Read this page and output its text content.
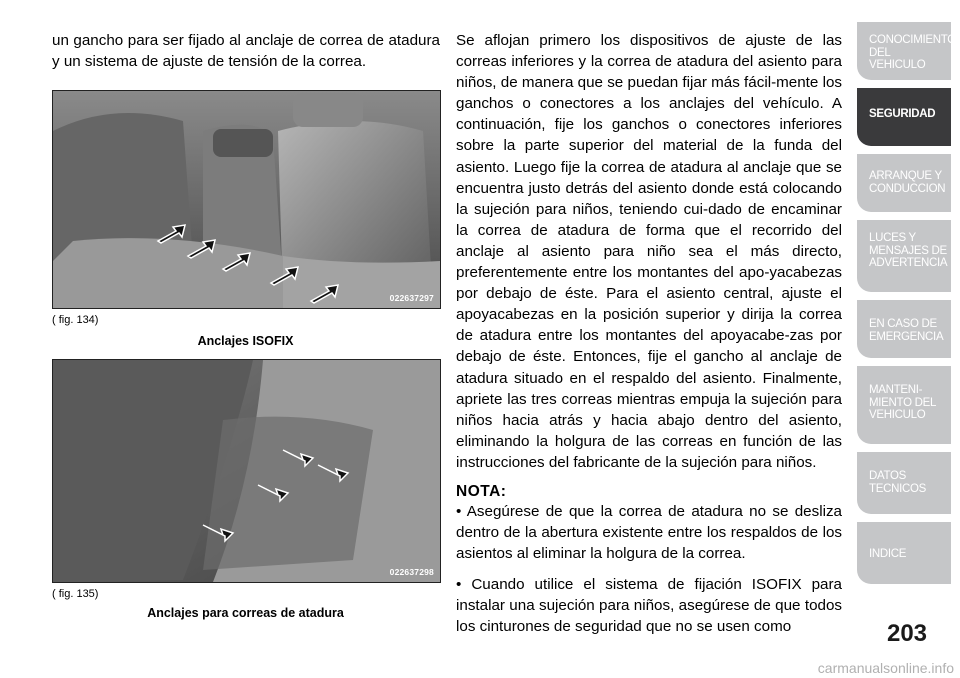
un gancho para ser fijado al anclaje de correa de atadura y un sistema de ajuste de tensión de la correa.

022637297
( fig. 134)
Anclajes ISOFIX
022637298
( fig. 135)
Anclajes para correas de atadura

Se aflojan primero los dispositivos de ajuste de las correas inferiores y la correa de atadura del asiento para niños, de manera que se puedan fijar más fácil-mente los ganchos o conectores a los anclajes del vehículo. A continuación, fije los ganchos o conectores inferiores sobre la parte superior del material de la funda del asiento. Luego fije la correa de atadura al anclaje que se encuentra justo detrás del asiento donde está colocando la sujeción para niños, teniendo cui-dado de encaminar la correa de atadura de forma que el recorrido del anclaje al asiento para niño sea el más directo, preferentemente entre los montantes del apo-yacabezas por debajo de éste. Para el asiento central, ajuste el apoyacabezas en la posición superior y dirija la correa de atadura entre los montantes del apoyacabe-zas por debajo de éste. Entonces, fije el gancho al anclaje de atadura situado en el respaldo del asiento. Finalmente, apriete las tres correas mientras empuja la sujeción para niños hacia atrás y hacia abajo dentro del asiento, eliminando la holgura de las correas en función de las instrucciones del fabricante de la sujeción para niños.

NOTA:

• Asegúrese de que la correa de atadura no se desliza dentro de la abertura existente entre los respaldos de los asientos al eliminar la holgura de la correa.

• Cuando utilice el sistema de fijación ISOFIX para instalar una sujeción para niños, asegúrese de que todos los cinturones de seguridad que no se usen como

CONOCIMIENTO
DEL VEHICULO
SEGURIDAD
ARRANQUE Y
CONDUCCION
LUCES Y
MENSAJES DE
ADVERTENCIA
EN CASO DE
EMERGENCIA
MANTENI-
MIENTO DEL
VEHICULO
DATOS
TECNICOS
INDICE
203
carmanualsonline.info
